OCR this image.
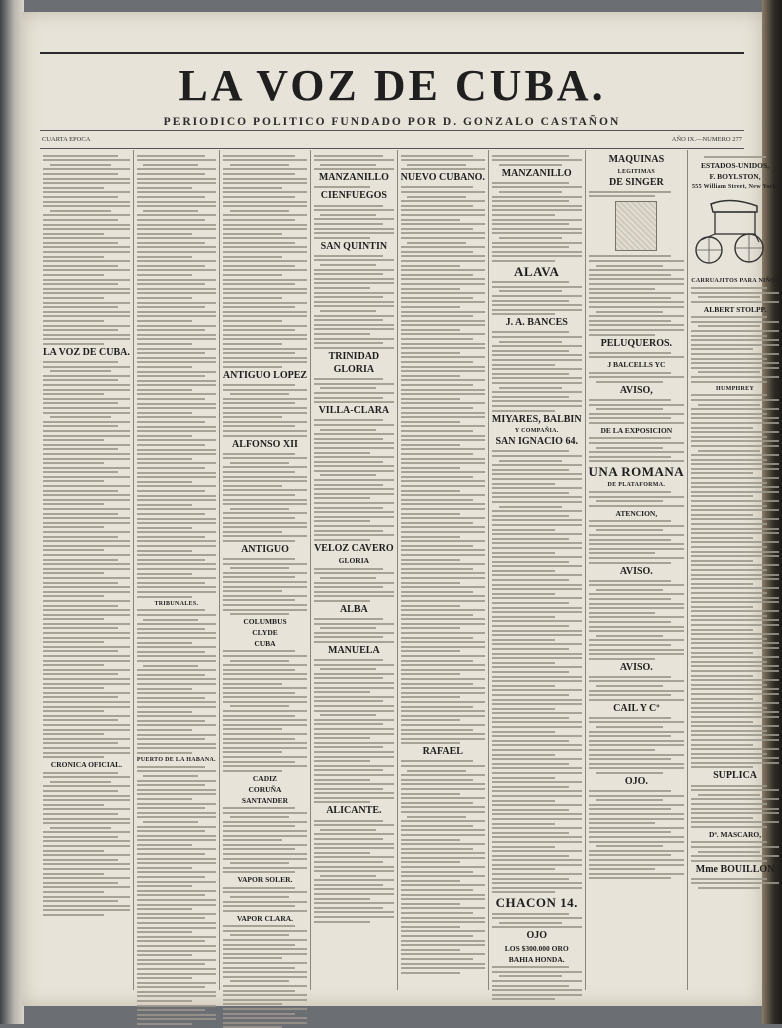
LA VOZ DE CUBA.
PERIODICO POLITICO FUNDADO POR D. GONZALO CASTAÑON
CUARTA EPOCA	AÑO IX.—NUMERO 277
LA VOZ DE CUBA.
CRONICA OFICIAL.
TRIBUNALES.
PUERTO DE LA HABANA.
ANTIGUO LOPEZ
ALFONSO XII
ANTIGUO
COLUMBUS
CLYDE
CUBA
CADIZ
CORUÑA
SANTANDER
VAPOR SOLER.
VAPOR CLARA.
MANZANILLO
CIENFUEGOS
SAN QUINTIN
TRINIDAD
GLORIA
VILLA-CLARA
VELOZ CAVERO
GLORIA
ALBA
MANUELA
ALICANTE.
NUEVO CUBANO.
RAFAEL
MANZANILLO
ALAVA
J. A. BANCES
MIYARES, BALBIN
Y COMPAÑIA.
SAN IGNACIO 64.
CHACON 14.
OJO
LOS $300.000 ORO
BAHIA HONDA.
MAQUINAS
LEGITIMAS
DE SINGER
PELUQUEROS.
J BALCELLS YC
AVISO,
DE LA EXPOSICION
UNA ROMANA
DE PLATAFORMA.
ATENCION,
AVISO.
AVISO.
CAIL Y Cº
OJO.
ESTADOS-UNIDOS,
F. BOYLSTON,
555 William Street, New York.
CARRUAJITOS PARA NIÑOS
ALBERT STOLPP.
HUMPHREY
SUPLICA
Dª. MASCARO,
Mme BOUILLON
